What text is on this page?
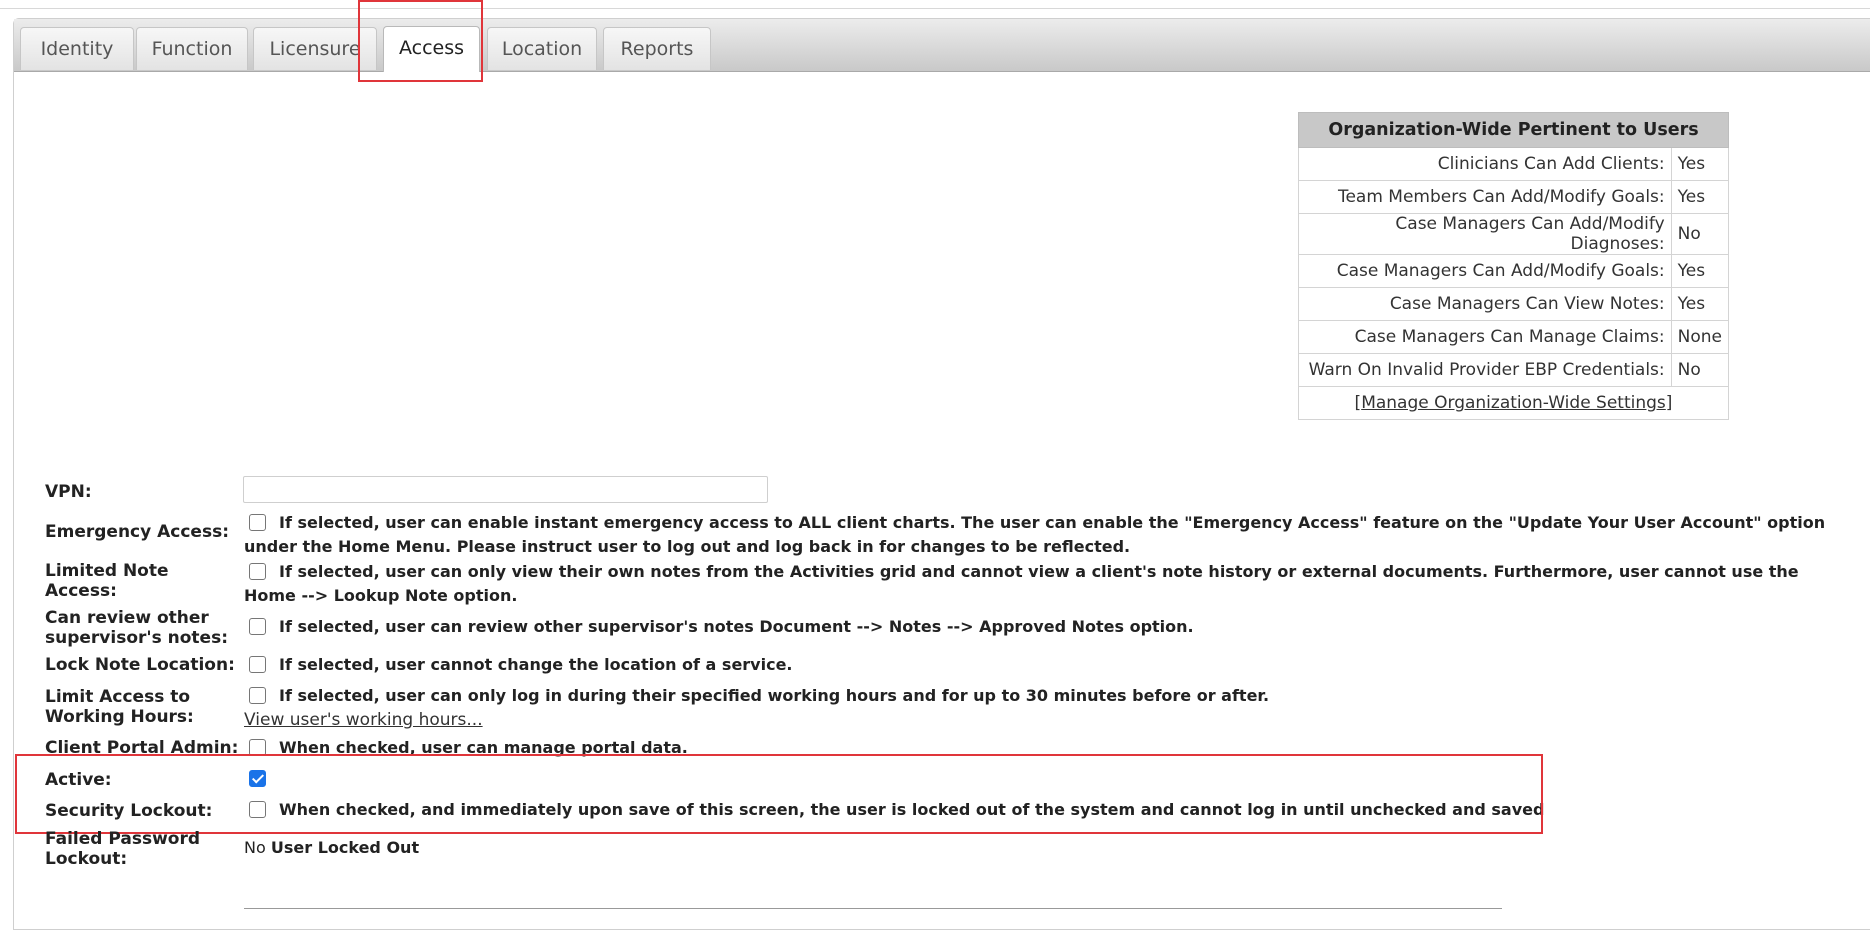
Identity	Function	Licensure	Access	Location	Reports
Organization-Wide Pertinent to Users	
Clinicians Can Add Clients:	Yes
Team Members Can Add/Modify Goals:	Yes
Case Managers Can Add/Modify Diagnoses:	No
Case Managers Can Add/Modify Goals:	Yes
Case Managers Can View Notes:	Yes
Case Managers Can Manage Claims:	None
Warn On Invalid Provider EBP Credentials:	No
[Manage Organization-Wide Settings]	
VPN:
Emergency Access:	If selected, user can enable instant emergency access to ALL client charts. The user can enable the "Emergency Access" feature on the "Update Your User Account" option under the Home Menu. Please instruct user to log out and log back in for changes to be reflected.
Limited Note Access:
If selected, user can only view their own notes from the Activities grid and cannot view a client's note history or external documents. Furthermore, user cannot use the Home --> Lookup Note option.
Can review other supervisor's notes:
If selected, user can review other supervisor's notes Document --> Notes --> Approved Notes option.
Lock Note Location:	If selected, user cannot change the location of a service.
Limit Access to Working Hours:
If selected, user can only log in during their specified working hours and for up to 30 minutes before or after.
View user's working hours...
Client Portal Admin:	When checked, user can manage portal data.
Active:
Security Lockout:	When checked, and immediately upon save of this screen, the user is locked out of the system and cannot log in until unchecked and saved
Failed Password Lockout:
No User Locked Out
